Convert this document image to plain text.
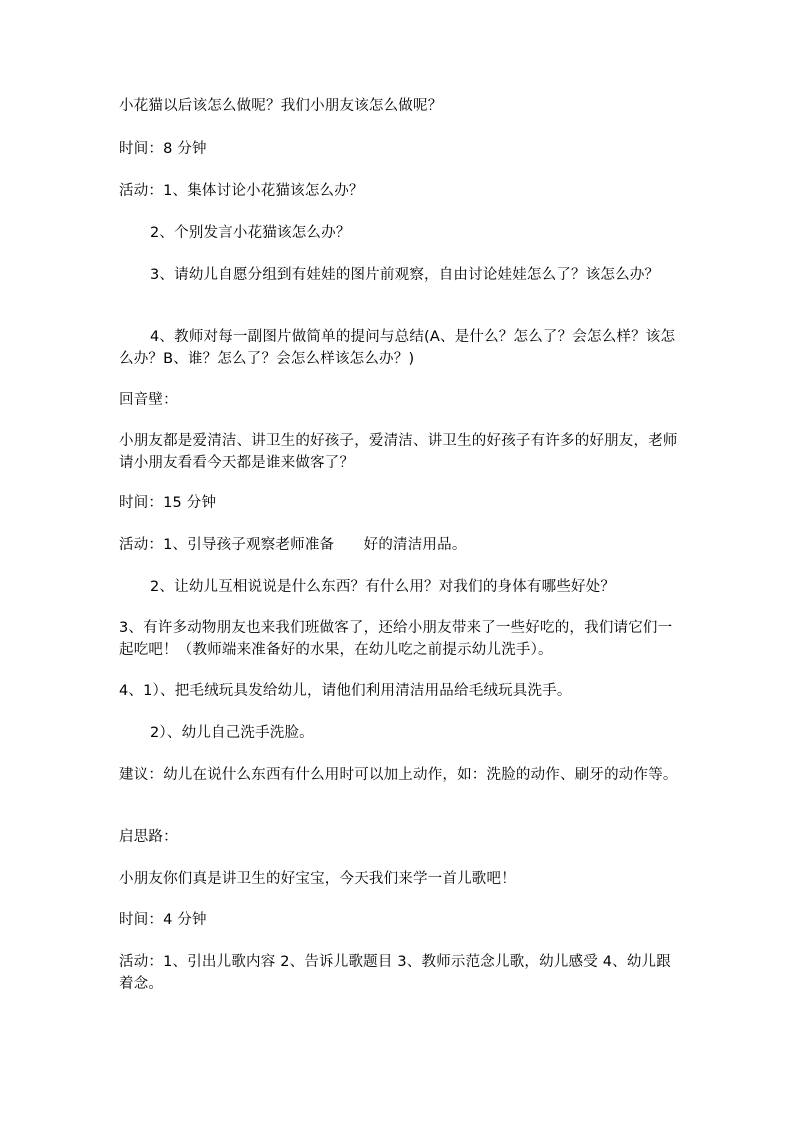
小花猫以后该怎么做呢？我们小朋友该怎么做呢？

时间：8 分钟

活动：1、集体讨论小花猫该怎么办？

2、个别发言小花猫该怎么办？

3、请幼儿自愿分组到有娃娃的图片前观察，自由讨论娃娃怎么了？该怎么办？

4、教师对每一副图片做简单的提问与总结(A、是什么？怎么了？会怎么样？该怎么办？B、谁？怎么了？会怎么样该怎么办？)

回音壁：

小朋友都是爱清洁、讲卫生的好孩子，爱清洁、讲卫生的好孩子有许多的好朋友，老师请小朋友看看今天都是谁来做客了？

时间：15 分钟

活动：1、引导孩子观察老师准备　　好的清洁用品。

2、让幼儿互相说说是什么东西？有什么用？对我们的身体有哪些好处？

3、有许多动物朋友也来我们班做客了，还给小朋友带来了一些好吃的，我们请它们一起吃吧！（教师端来准备好的水果，在幼儿吃之前提示幼儿洗手）。

4、1）、把毛绒玩具发给幼儿，请他们利用清洁用品给毛绒玩具洗手。

2）、幼儿自己洗手洗脸。

建议：幼儿在说什么东西有什么用时可以加上动作，如：洗脸的动作、刷牙的动作等。

启思路：

小朋友你们真是讲卫生的好宝宝，今天我们来学一首儿歌吧！

时间：4 分钟

活动：1、引出儿歌内容 2、告诉儿歌题目 3、教师示范念儿歌，幼儿感受 4、幼儿跟着念。
